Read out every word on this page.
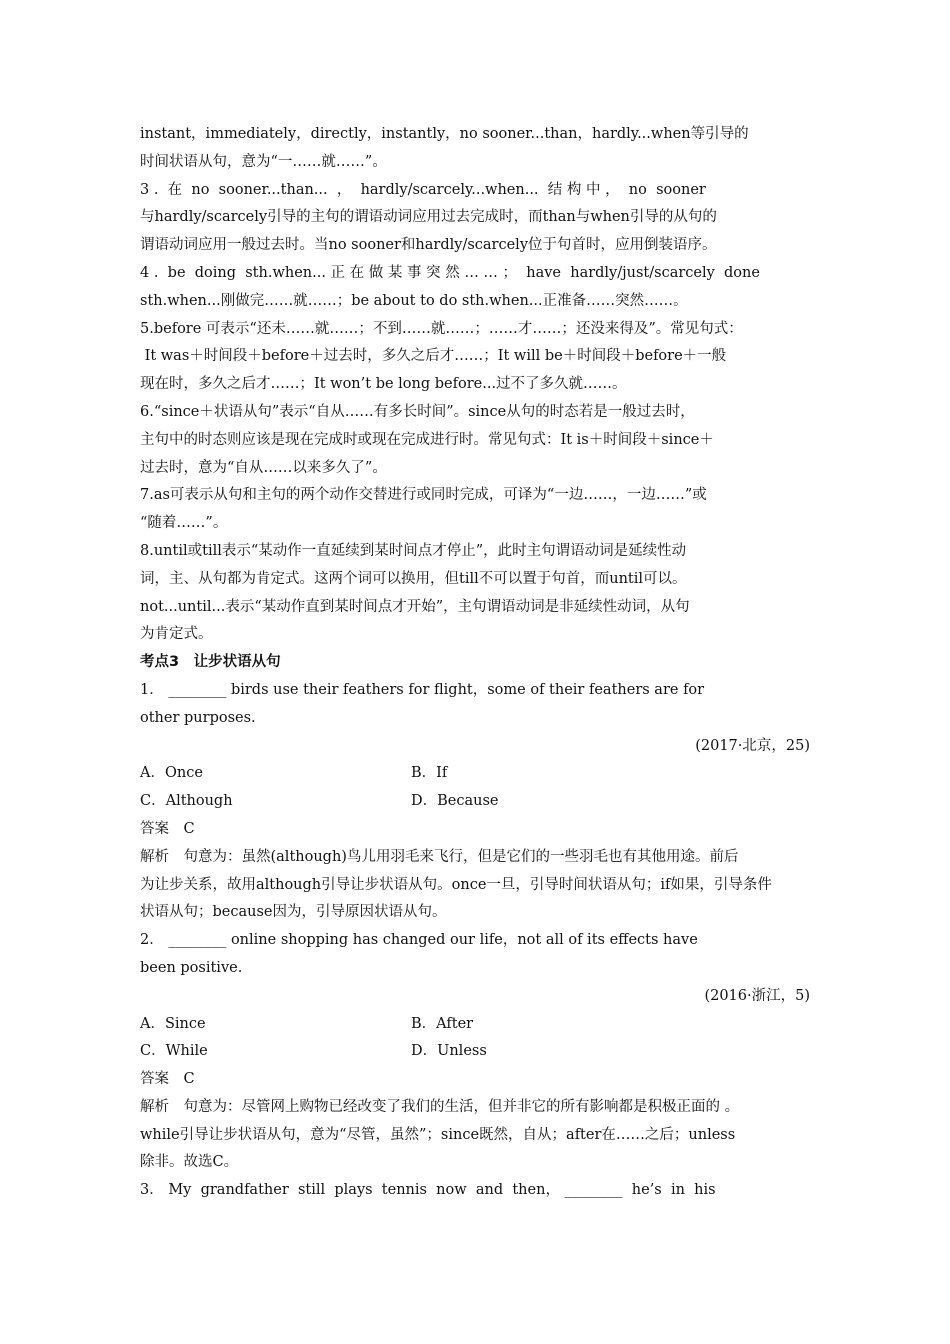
instant，immediately，directly，instantly，no sooner...than，hardly...when等引导的
时间状语从句，意为“一……就……”。
3 .  在  no  sooner...than...  ，  hardly/scarcely...when...  结 构 中 ，  no  sooner
与hardly/scarcely引导的主句的谓语动词应用过去完成时，而than与when引导的从句的
谓语动词应用一般过去时。当no sooner和hardly/scarcely位于句首时，应用倒装语序。
4 .  be  doing  sth.when... 正 在 做 某 事 突 然 … … ；  have  hardly/just/scarcely  done
sth.when...刚做完……就……；be about to do sth.when...正准备……突然……。
5.before 可表示“还未……就……；不到……就……；……才……；还没来得及”。常见句式：
It was＋时间段＋before＋过去时，多久之后才……；It will be＋时间段＋before＋一般
现在时，多久之后才……；It won’t be long before...过不了多久就……。
6.“since＋状语从句”表示“自从……有多长时间”。since从句的时态若是一般过去时，
主句中的时态则应该是现在完成时或现在完成进行时。常见句式：It is＋时间段＋since＋
过去时，意为“自从……以来多久了”。
7.as可表示从句和主句的两个动作交替进行或同时完成，可译为“一边……，一边……”或
“随着……”。
8.until或till表示“某动作一直延续到某时间点才停止”，此时主句谓语动词是延续性动
词，主、从句都为肯定式。这两个词可以换用，但till不可以置于句首，而until可以。
not...until...表示“某动作直到某时间点才开始”，主句谓语动词是非延续性动词，从句
为肯定式。
考点3　让步状语从句
1． ________ birds use their feathers for flight，some of their feathers are for
other purposes.
(2017·北京，25)
A．Once	B．If
C．Although	D．Because
答案　C
解析　句意为：虽然(although)鸟儿用羽毛来飞行，但是它们的一些羽毛也有其他用途。前后
为让步关系，故用although引导让步状语从句。once一旦，引导时间状语从句；if如果，引导条件
状语从句；because因为，引导原因状语从句。
2． ________ online shopping has changed our life，not all of its effects have
been positive.
(2016·浙江，5)
A．Since	B．After
C．While	D．Unless
答案　C
解析　句意为：尽管网上购物已经改变了我们的生活，但并非它的所有影响都是积极正面的 。
while引导让步状语从句，意为“尽管，虽然”；since既然，自从；after在……之后；unless
除非。故选C。
3． My  grandfather  still  plays  tennis  now  and  then， ________  he’s  in  his
